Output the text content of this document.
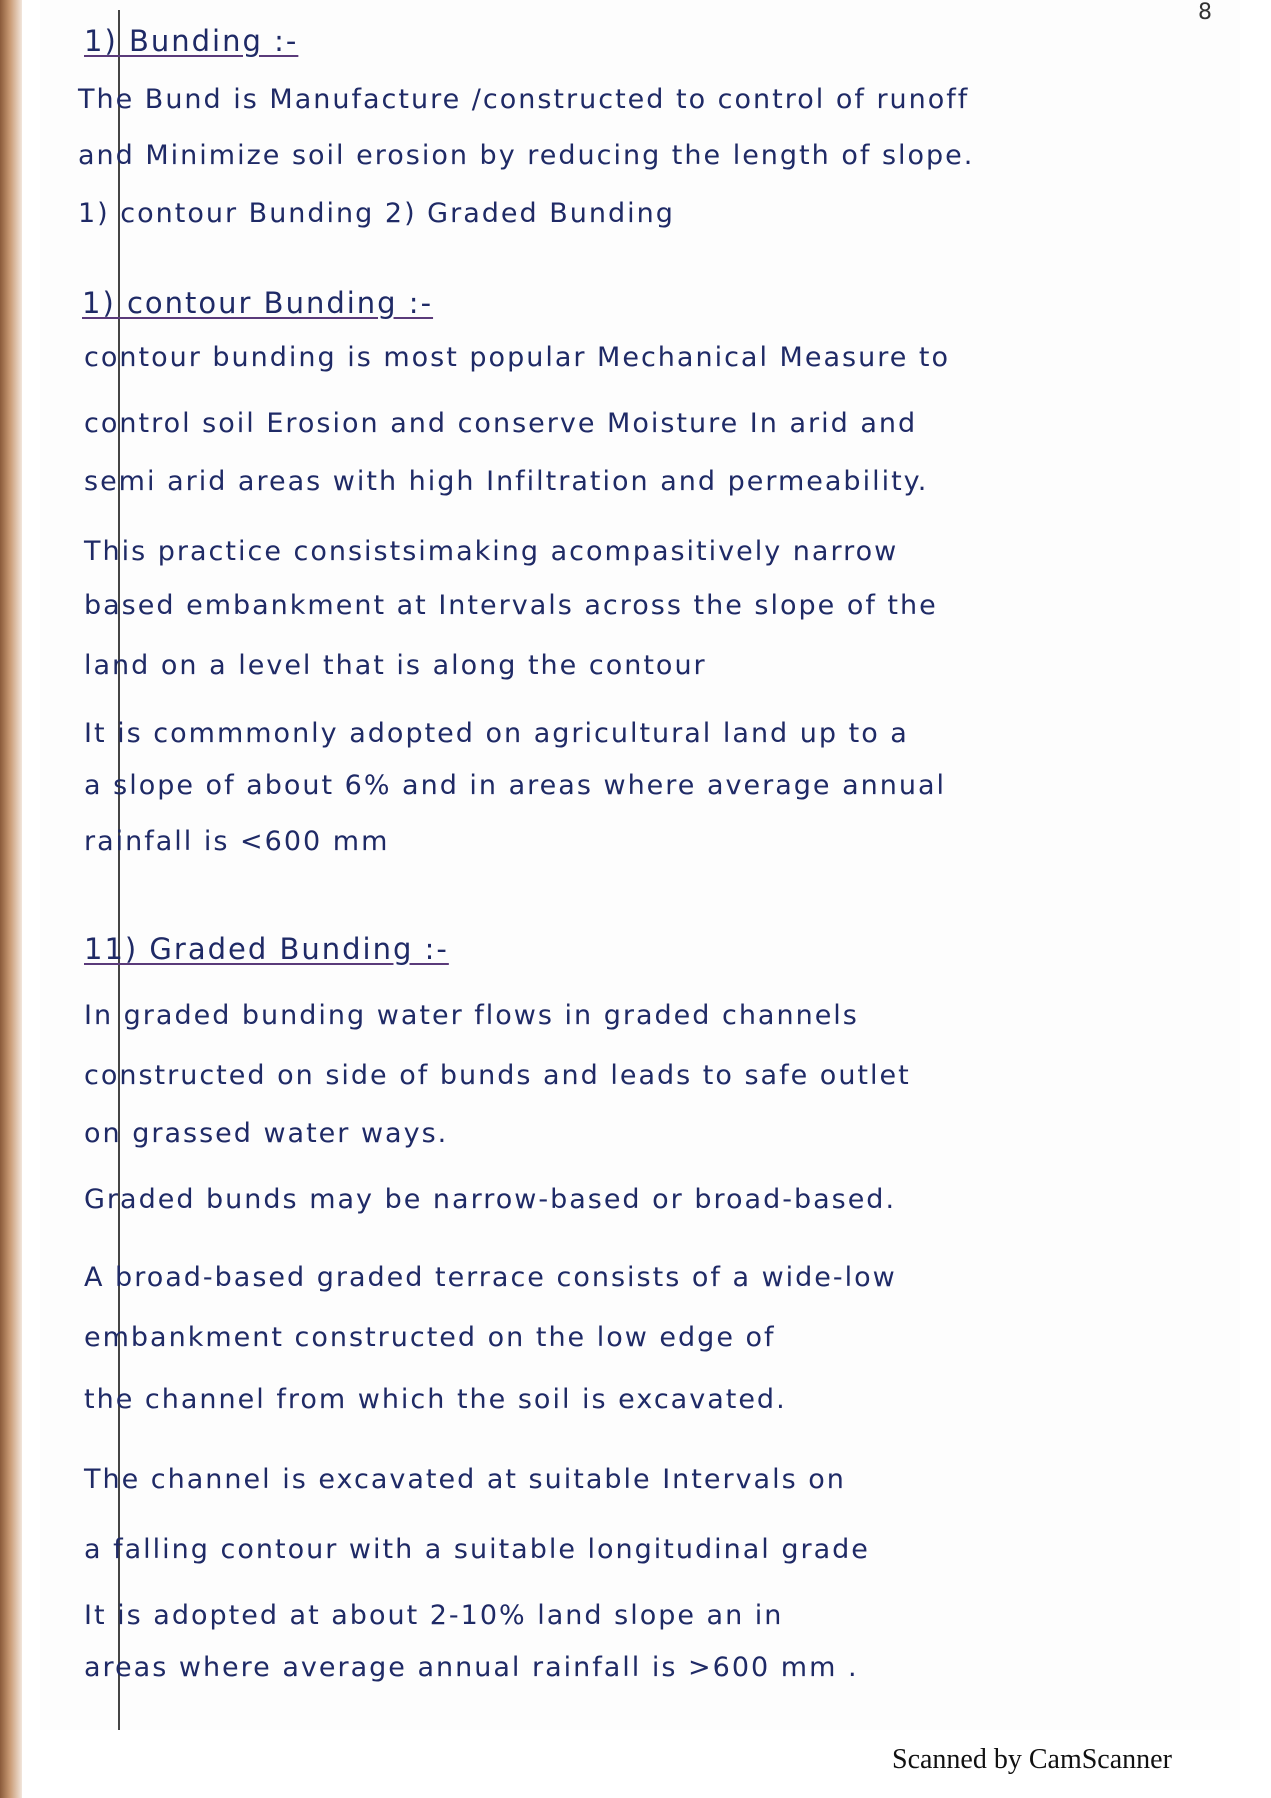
8
1) Bunding :-
The Bund is Manufacture /constructed to control of runoff
and Minimize soil erosion by reducing the length of slope.
1) contour Bunding 2) Graded Bunding
1) contour Bunding :-
contour bunding is most popular Mechanical Measure to
control soil Erosion and conserve Moisture In arid and
semi arid areas with high Infiltration and permeability.
This practice consistsimaking acompasitively narrow
based embankment at Intervals across the slope of the
land on a level that is along the contour
It is commmonly adopted on agricultural land up to a
a slope of about 6% and in areas where average annual
rainfall is <600 mm
11) Graded Bunding :-
In graded bunding water flows in graded channels
constructed on side of bunds and leads to safe outlet
on grassed water ways.
Graded bunds may be narrow-based or broad-based.
A broad-based graded terrace consists of a wide-low
embankment constructed on the low edge of
the channel from which the soil is excavated.
The channel is excavated at suitable Intervals on
a falling contour with a suitable longitudinal grade
It is adopted at about 2-10% land slope an in
areas where average annual rainfall is >600 mm .
Scanned by CamScanner
